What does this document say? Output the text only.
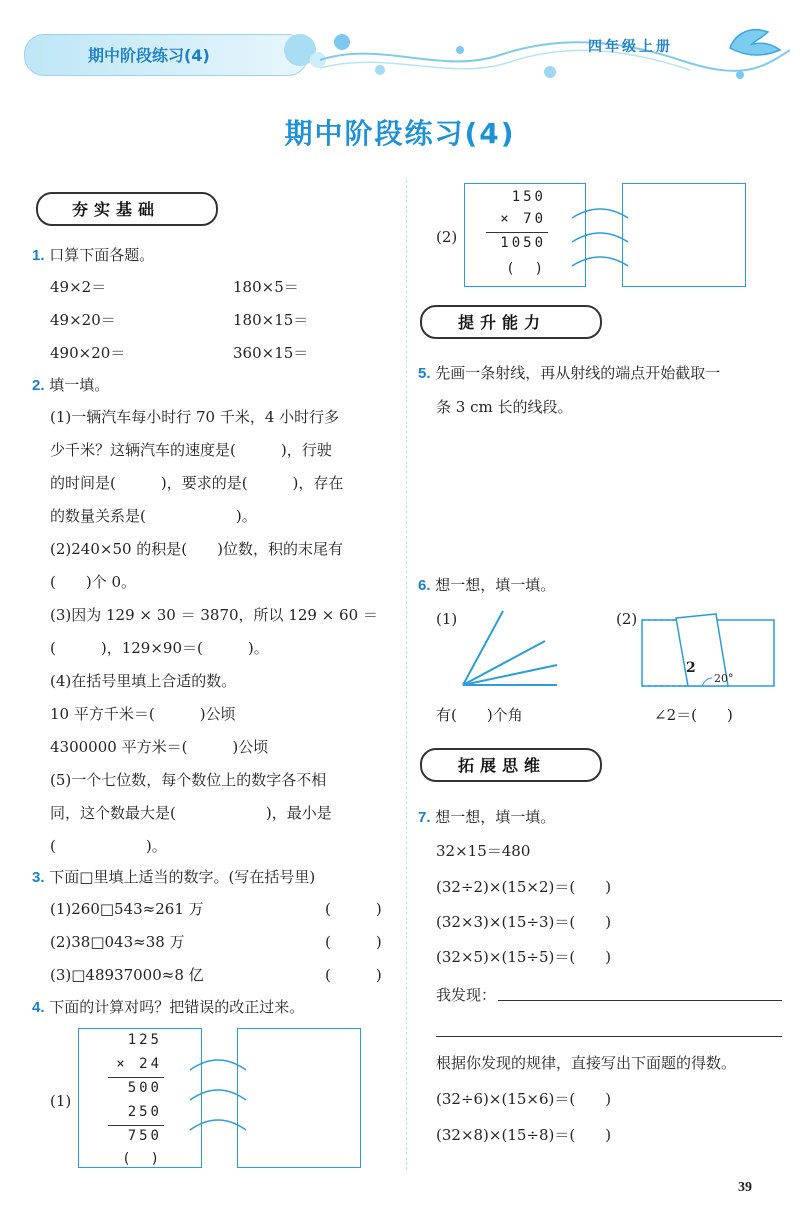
期中阶段练习(4)	四年级上册
期中阶段练习(4)
夯实基础
1. 口算下面各题。
49×2＝	180×5＝
49×20＝	180×15＝
490×20＝	360×15＝
2. 填一填。
(1)一辆汽车每小时行 70 千米，4 小时行多
少千米？这辆汽车的速度是(　　　)，行驶
的时间是(　　　)，要求的是(　　　)，存在
的数量关系是(　　　　　　)。
(2)240×50 的积是(　　)位数，积的末尾有
(　　)个 0。
(3)因为 129 × 30 ＝ 3870，所以 129 × 60 ＝
(　　　)，129×90＝(　　　)。
(4)在括号里填上合适的数。
10 平方千米＝(　　　)公顷
4300000 平方米＝(　　　)公顷
(5)一个七位数，每个数位上的数字各不相
同，这个数最大是(　　　　　　)，最小是
(　　　　　　)。
3. 下面□里填上适当的数字。(写在括号里)
(1)260□543≈261 万	(　　　)
(2)38□043≈38 万	(　　　)
(3)□48937000≈8 亿	(　　　)
4. 下面的计算对吗？把错误的改正过来。
(1)
125
× 24
500
250
750
(　)
(2)
150
× 70
1050
(　)
提升能力
5. 先画一条射线，再从射线的端点开始截取一
条 3 cm 长的线段。
6. 想一想，填一填。
(1)	(2)
2
20°
有(　　)个角	∠2＝(　　)
拓展思维
7. 想一想，填一填。
32×15＝480
(32÷2)×(15×2)＝(　　)
(32×3)×(15÷3)＝(　　)
(32×5)×(15÷5)＝(　　)
我发现：
根据你发现的规律，直接写出下面题的得数。
(32÷6)×(15×6)＝(　　)
(32×8)×(15÷8)＝(　　)
39
